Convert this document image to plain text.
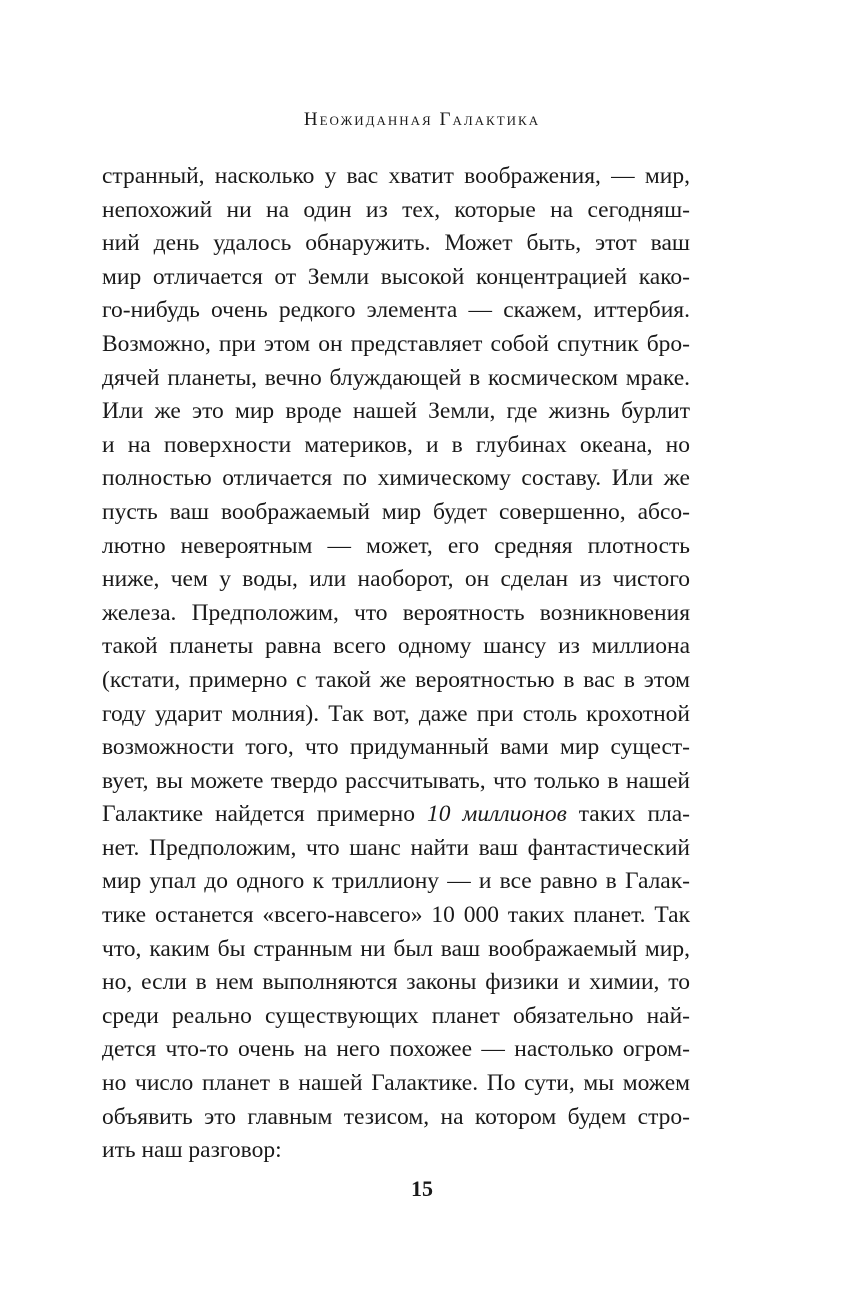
Неожиданная Галактика
странный, насколько у вас хватит воображения, — мир,
непохожий ни на один из тех, которые на сегодняш-
ний день удалось обнаружить. Может быть, этот ваш
мир отличается от Земли высокой концентрацией како-
го-нибудь очень редкого элемента — скажем, иттербия.
Возможно, при этом он представляет собой спутник бро-
дячей планеты, вечно блуждающей в космическом мраке.
Или же это мир вроде нашей Земли, где жизнь бурлит
и на поверхности материков, и в глубинах океана, но
полностью отличается по химическому составу. Или же
пусть ваш воображаемый мир будет совершенно, абсо-
лютно невероятным — может, его средняя плотность
ниже, чем у воды, или наоборот, он сделан из чистого
железа. Предположим, что вероятность возникновения
такой планеты равна всего одному шансу из миллиона
(кстати, примерно с такой же вероятностью в вас в этом
году ударит молния). Так вот, даже при столь крохотной
возможности того, что придуманный вами мир сущест-
вует, вы можете твердо рассчитывать, что только в нашей
Галактике найдется примерно 10 миллионов таких пла-
нет. Предположим, что шанс найти ваш фантастический
мир упал до одного к триллиону — и все равно в Галак-
тике останется «всего-навсего» 10 000 таких планет. Так
что, каким бы странным ни был ваш воображаемый мир,
но, если в нем выполняются законы физики и химии, то
среди реально существующих планет обязательно най-
дется что-то очень на него похожее — настолько огром-
но число планет в нашей Галактике. По сути, мы можем
объявить это главным тезисом, на котором будем стро-
ить наш разговор:
15
